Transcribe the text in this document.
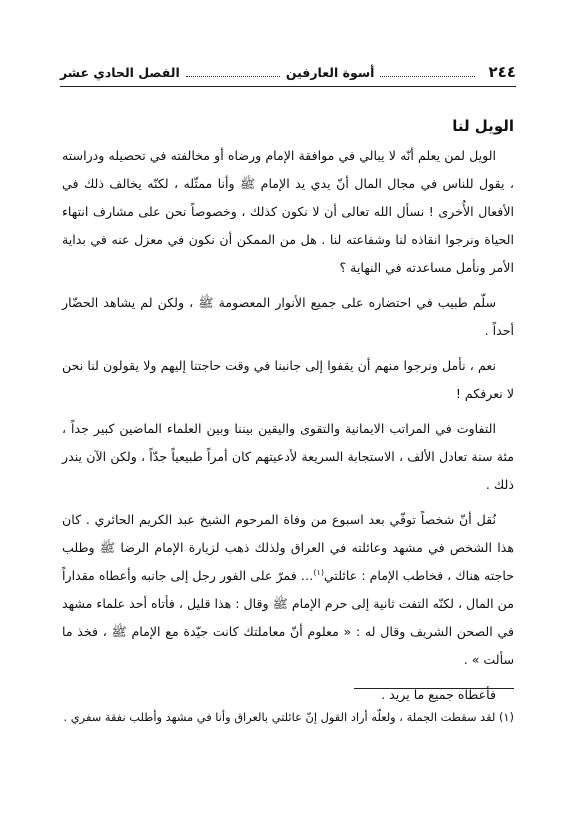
٢٤٤
أسوة العارفين
الفصل الحادي عشر

الويل لنا

الويل لمن يعلم أنّه لا يبالي في موافقة الإمام ورضاه أو مخالفته في تحصيله ودراسته ، يقول للناس في مجال المال أنّ يدي يد الإمام ﷺ وأنا ممثّله ، لكنّه يخالف ذلك في الأفعال الأُخرى ! نسأل الله تعالى أن لا نكون كذلك ، وخصوصاً نحن على مشارف انتهاء الحياة ونرجوا انقاذه لنا وشفاعته لنا . هل من الممكن أن نكون في معزل عنه في بداية الأمر ونأمل مساعدته في النهاية ؟

سلّم طبيب في احتضاره على جميع الأنوار المعصومة ﷺ ، ولكن لم يشاهد الحضّار أحداً .

نعم ، نأمل ونرجوا منهم أن يقفوا إلى جانبنا في وقت حاجتنا إليهم ولا يقولون لنا نحن لا نعرفكم !

التفاوت في المراتب الايمانية والتقوى واليقين بيننا وبين العلماء الماضين كبير جداً ، مئة سنة تعادل الألف ، الاستجابة السريعة لأدعيتهم كان أمراً طبيعياً جدّاً ، ولكن الآن يندر ذلك .

نُقل أنّ شخصاً توفّي بعد اسبوع من وفاة المرحوم الشيخ عبد الكريم الحائري . كان هذا الشخص في مشهد وعائلته في العراق ولذلك ذهب لزيارة الإمام الرضا ﷺ وطلب حاجته هناك ، فخاطب الإمام : عائلتي$^{(١)}$… فمرّ على الفور رجل إلى جانبه وأعطاه مقداراً من المال ، لكنّه التفت ثانية إلى حرم الإمام ﷺ وقال : هذا قليل ، فأتاه أحد علماء مشهد في الصحن الشريف وقال له : « معلوم أنّ معاملتك كانت جيّدة مع الإمام ﷺ ، فخذ ما سألت » .

فأعطاه جميع ما يريد .

(١) لقد سقطت الجملة ، ولعلّه أراد القول إنّ عائلتي بالعراق وأنا في مشهد وأطلب نفقة سفري .
